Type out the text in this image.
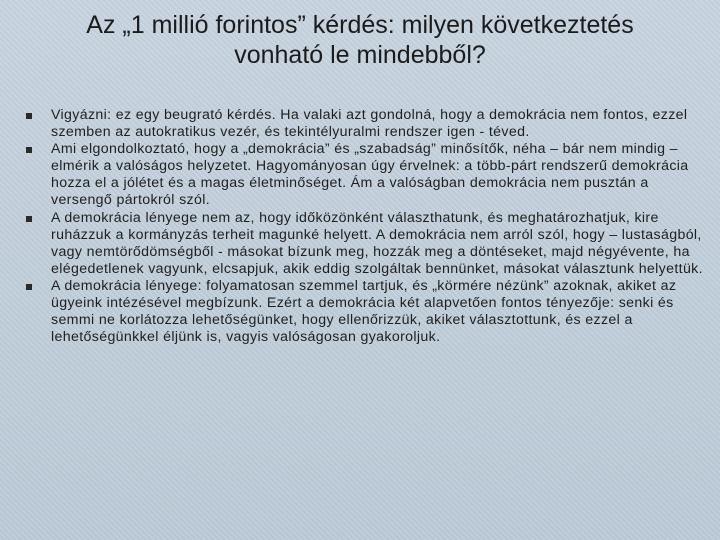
Az „1 millió forintos” kérdés: milyen következtetés vonható le mindebből?
Vigyázni: ez egy beugrató kérdés. Ha valaki azt gondolná, hogy a demokrácia nem fontos, ezzel szemben az autokratikus vezér, és tekintélyuralmi rendszer igen - téved.
Ami elgondolkoztató, hogy a „demokrácia” és „szabadság” minősítők, néha – bár nem mindig – elmérik a valóságos helyzetet. Hagyományosan úgy érvelnek: a több-párt rendszerű demokrácia hozza el a jólétet és a magas életminőséget. Ám a valóságban demokrácia nem pusztán a versengő pártokról szól.
A demokrácia lényege nem az, hogy időközönként választhatunk, és meghatározhatjuk, kire ruházzuk a kormányzás terheit magunké helyett. A demokrácia nem arról szól, hogy – lustaságból, vagy nemtörődömségből - másokat bízunk meg, hozzák meg a döntéseket, majd négyévente, ha elégedetlenek vagyunk, elcsapjuk, akik eddig szolgáltak bennünket, másokat választunk helyettük.
A demokrácia lényege: folyamatosan szemmel tartjuk, és „körmére nézünk” azoknak, akiket az ügyeink intézésével megbízunk. Ezért a demokrácia két alapvetően fontos tényezője: senki és semmi ne korlátozza lehetőségünket, hogy ellenőrizzük, akiket választottunk, és ezzel a lehetőségünkkel éljünk is, vagyis valóságosan gyakoroljuk.
